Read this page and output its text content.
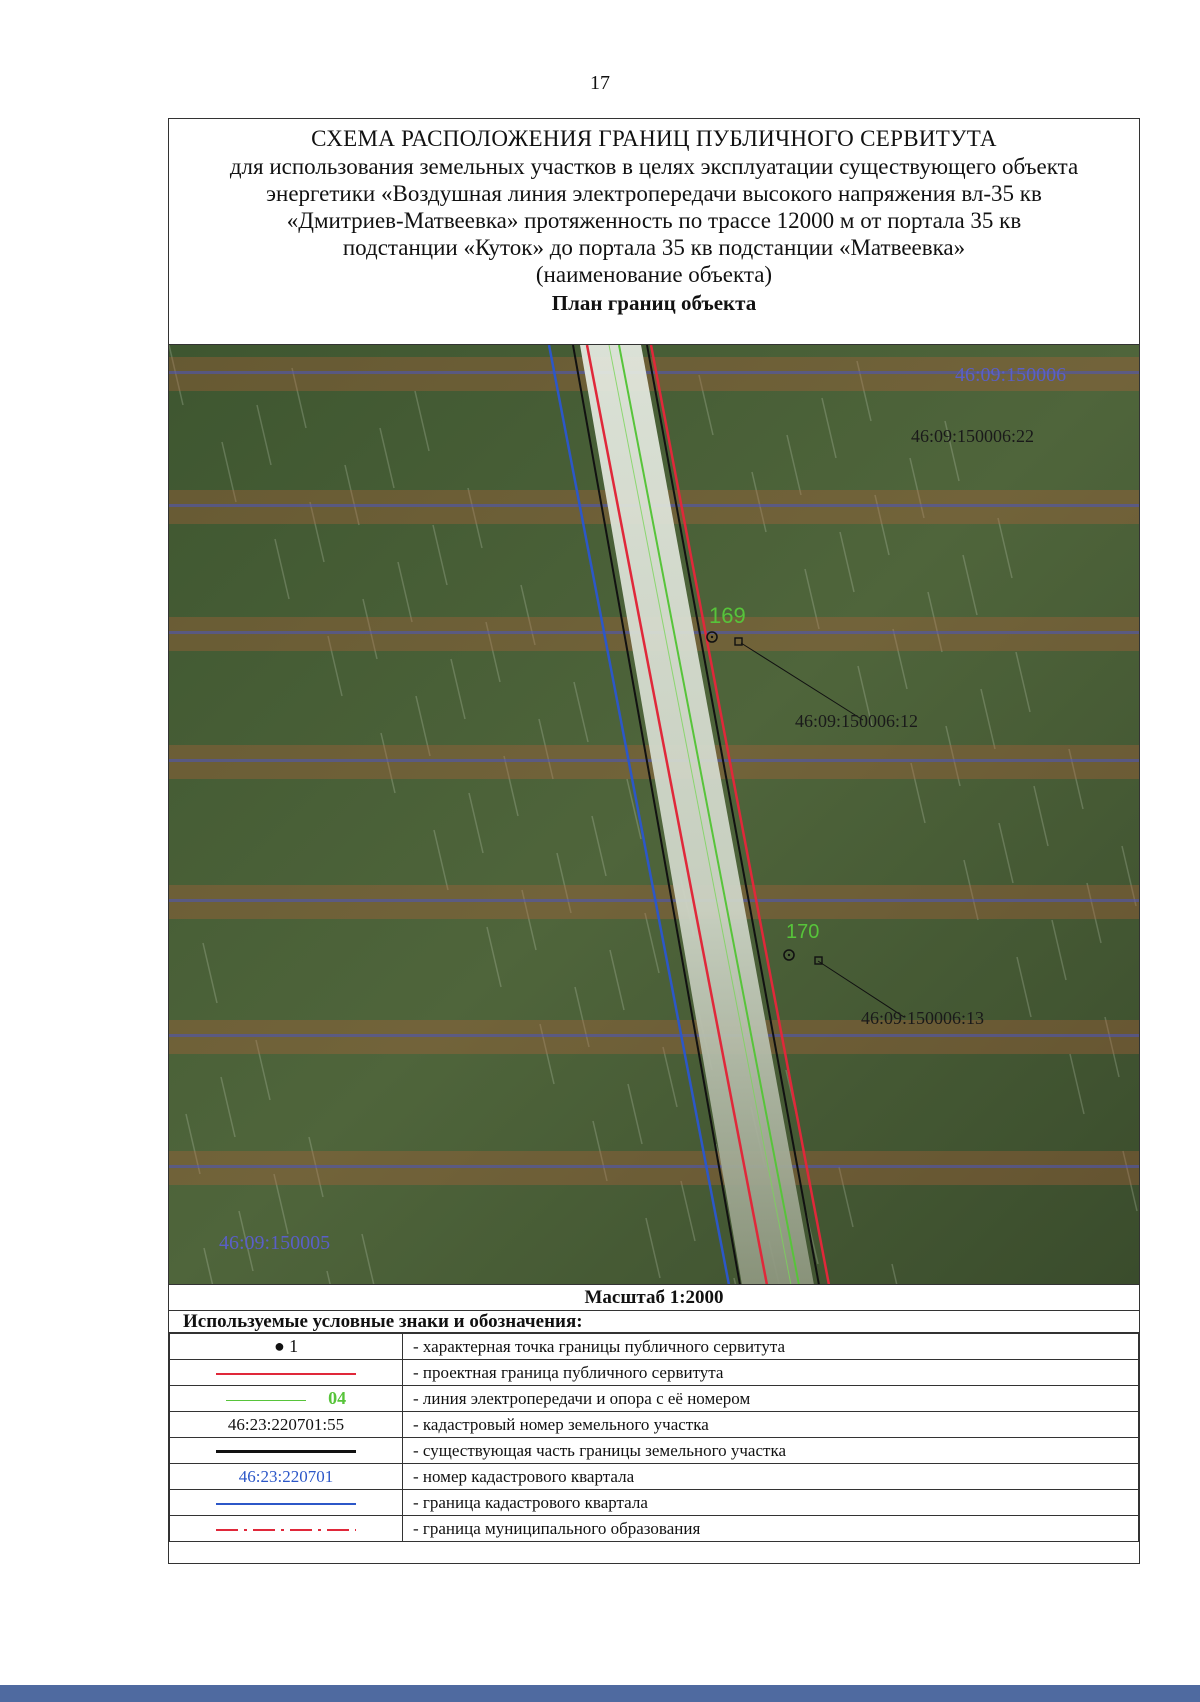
17
СХЕМА РАСПОЛОЖЕНИЯ ГРАНИЦ ПУБЛИЧНОГО СЕРВИТУТА
для использования земельных участков в целях эксплуатации существующего объекта
энергетики «Воздушная линия электропередачи высокого напряжения вл-35 кв
«Дмитриев-Матвеевка» протяженность по трассе 12000 м от портала 35 кв
подстанции «Куток» до портала 35 кв подстанции «Матвеевка»
(наименование объекта)
План границ объекта
169
170
46:09:150006
46:09:150006:22
46:09:150006:12
46:09:150006:13
46:09:150005
Масштаб 1:2000
Используемые условные знаки и обозначения:
● 1	- характерная точка границы публичного сервитута
	- проектная граница публичного сервитута
04	- линия электропередачи и опора с её номером
46:23:220701:55	- кадастровый номер земельного участка
	- существующая часть границы земельного участка
46:23:220701	- номер кадастрового квартала
	- граница кадастрового квартала
	- граница муниципального образования
